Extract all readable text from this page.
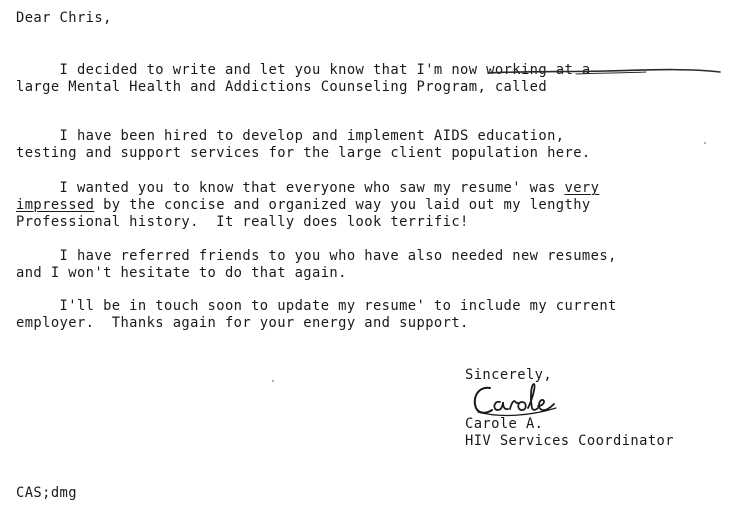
Dear Chris,
I decided to write and let you know that I'm now working at a
large Mental Health and Addictions Counseling Program, called
I have been hired to develop and implement AIDS education,
testing and support services for the large client population here.
I wanted you to know that everyone who saw my resume' was very
impressed by the concise and organized way you laid out my lengthy
Professional history.  It really does look terrific!
I have referred friends to you who have also needed new resumes,
and I won't hesitate to do that again.
I'll be in touch soon to update my resume' to include my current
employer.  Thanks again for your energy and support.
Sincerely,
Carole A.
HIV Services Coordinator
CAS;dmg
